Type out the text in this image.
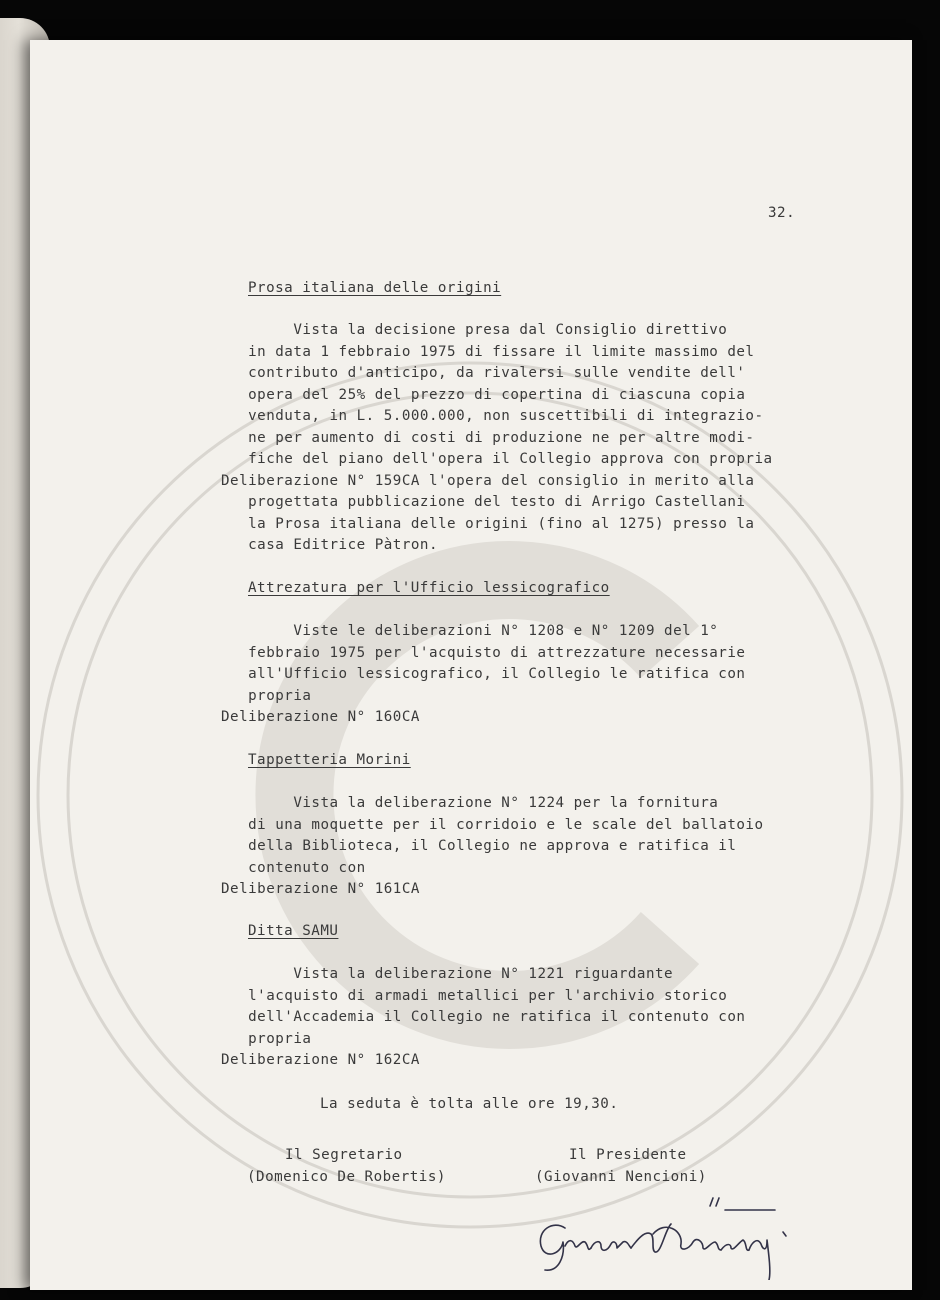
32.
Prosa italiana delle origini
Vista la decisione presa dal Consiglio direttivo
in data 1 febbraio 1975 di fissare il limite massimo del
contributo d'anticipo, da rivalersi sulle vendite dell'
opera del 25% del prezzo di copertina di ciascuna copia
venduta, in L. 5.000.000, non suscettibili di integrazio-
ne per aumento di costi di produzione ne per altre modi-
fiche del piano dell'opera il Collegio approva con propria
Deliberazione N° 159CA l'opera del consiglio in merito alla
progettata pubblicazione del testo di Arrigo Castellani
la Prosa italiana delle origini (fino al 1275) presso la
casa Editrice Pàtron.
Attrezatura per l'Ufficio lessicografico
Viste le deliberazioni N° 1208 e N° 1209 del 1°
febbraio 1975 per l'acquisto di attrezzature necessarie
all'Ufficio lessicografico, il Collegio le ratifica con
propria
Deliberazione N° 160CA
Tappetteria Morini
Vista la deliberazione N° 1224 per la fornitura
di una moquette per il corridoio e le scale del ballatoio
della Biblioteca, il Collegio ne approva e ratifica il
contenuto con
Deliberazione N° 161CA
Ditta SAMU
Vista la deliberazione N° 1221 riguardante
l'acquisto di armadi metallici per l'archivio storico
dell'Accademia il Collegio ne ratifica il contenuto con
propria
Deliberazione N° 162CA
La seduta è tolta alle ore 19,30.
Il Segretario
(Domenico De Robertis)
Il Presidente
(Giovanni Nencioni)
